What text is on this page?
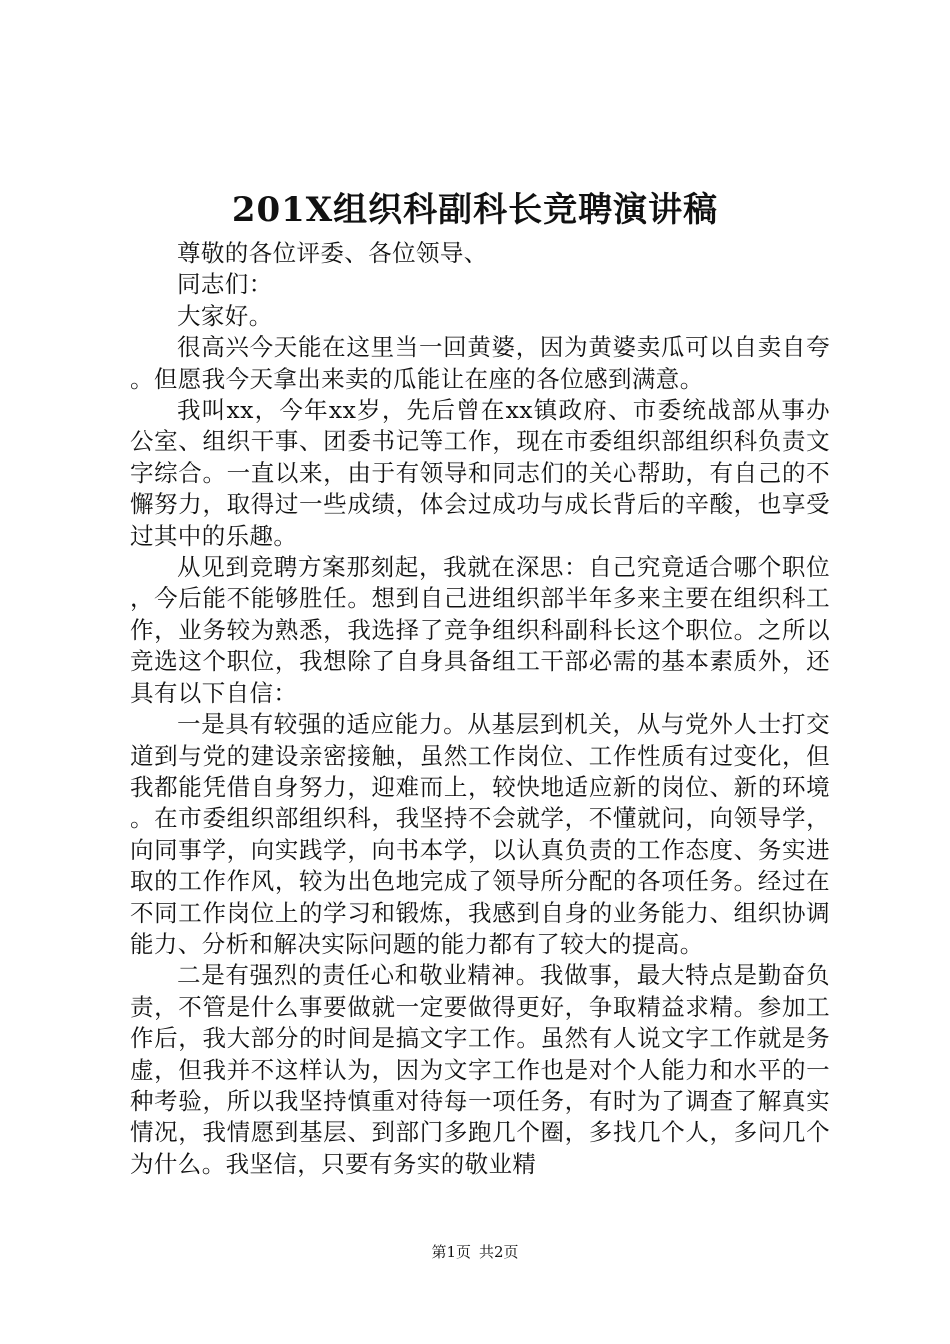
201X组织科副科长竞聘演讲稿

尊敬的各位评委、各位领导、

同志们：

大家好。

很高兴今天能在这里当一回黄婆，因为黄婆卖瓜可以自卖自夸。但愿我今天拿出来卖的瓜能让在座的各位感到满意。

我叫xx，今年xx岁，先后曾在xx镇政府、市委统战部从事办公室、组织干事、团委书记等工作，现在市委组织部组织科负责文字综合。一直以来，由于有领导和同志们的关心帮助，有自己的不懈努力，取得过一些成绩，体会过成功与成长背后的辛酸，也享受过其中的乐趣。

从见到竞聘方案那刻起，我就在深思：自己究竟适合哪个职位，今后能不能够胜任。想到自己进组织部半年多来主要在组织科工作，业务较为熟悉，我选择了竞争组织科副科长这个职位。之所以竞选这个职位，我想除了自身具备组工干部必需的基本素质外，还具有以下自信：

一是具有较强的适应能力。从基层到机关，从与党外人士打交道到与党的建设亲密接触，虽然工作岗位、工作性质有过变化，但我都能凭借自身努力，迎难而上，较快地适应新的岗位、新的环境。在市委组织部组织科，我坚持不会就学，不懂就问，向领导学，向同事学，向实践学，向书本学，以认真负责的工作态度、务实进取的工作作风，较为出色地完成了领导所分配的各项任务。经过在不同工作岗位上的学习和锻炼，我感到自身的业务能力、组织协调能力、分析和解决实际问题的能力都有了较大的提高。

二是有强烈的责任心和敬业精神。我做事，最大特点是勤奋负责，不管是什么事要做就一定要做得更好，争取精益求精。参加工作后，我大部分的时间是搞文字工作。虽然有人说文字工作就是务虚，但我并不这样认为，因为文字工作也是对个人能力和水平的一种考验，所以我坚持慎重对待每一项任务，有时为了调查了解真实情况，我情愿到基层、到部门多跑几个圈，多找几个人，多问几个为什么。我坚信，只要有务实的敬业精

第1页 共2页
